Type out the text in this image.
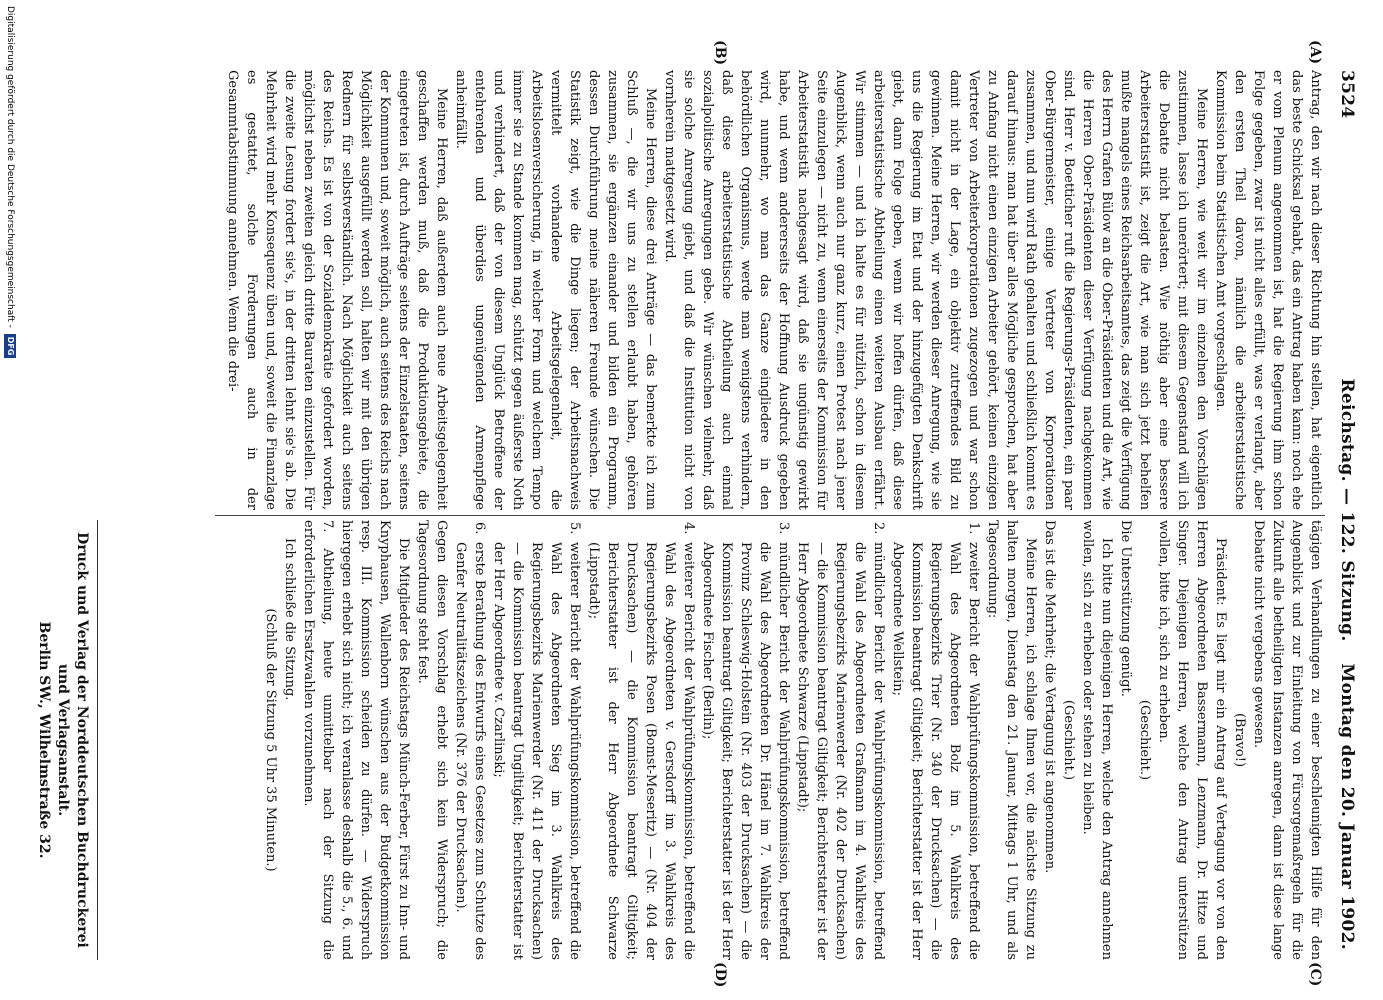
3524
Reichstag. — 122. Sitzung.
Montag den 20. Januar 1902.
(A)
(B)
(C)
(D)

Antrag, den wir nach dieser Richtung hin stellen, hat eigentlich das beste Schicksal gehabt, das ein Antrag haben kann: noch ehe er vom Plenum angenommen ist, hat die Regierung ihm schon Folge gegeben, zwar ist nicht alles erfüllt, was er verlangt, aber den ersten Theil davon, nämlich die arbeiterstatistische Kommission beim Statistischen Amt vorgeschlagen.

Meine Herren, wie weit wir im einzelnen den Vorschlägen zustimmen, lasse ich unerörtert; mit diesem Gegenstand will ich die Debatte nicht belasten. Wie nöthig aber eine bessere Arbeiterstatistik ist, zeigt die Art, wie man sich jetzt behelfen mußte mangels eines Reichsarbeitsamtes, das zeigt die Verfügung des Herrn Grafen Bülow an die Ober-Präsidenten und die Art, wie die Herren Ober-Präsidenten dieser Verfügung nachgekommen sind. Herr v. Boetticher ruft die Regierungs-Präsidenten, ein paar Ober-Bürgermeister, einige Vertreter von Korporationen zusammen, und nun wird Rath gehalten und schließlich kommt es darauf hinaus: man hat über alles Mögliche gesprochen, hat aber zu Anfang nicht einen einzigen Arbeiter gehört, keinen einzigen Vertreter von Arbeiterkorporationen zugezogen und war schon damit nicht in der Lage, ein objektiv zutreffendes Bild zu gewinnen. Meine Herren, wir werden dieser Anregung, wie sie uns die Regierung im Etat und der hinzugefügten Denkschrift giebt, dann Folge geben, wenn wir hoffen dürfen, daß diese arbeiterstatistische Abtheilung einen weiteren Ausbau erfährt. Wir stimmen — und ich halte es für nützlich, schon in diesem Augenblick, wenn auch nur ganz kurz, einen Protest nach jener Seite einzulegen — nicht zu, wenn einerseits der Kommission für Arbeiterstatistik nachgesagt wird, daß sie ungünstig gewirkt habe, und wenn andererseits der Hoffnung Ausdruck gegeben wird, nunmehr, wo man das Ganze eingliedere in den behördlichen Organismus, werde man wenigstens verhindern, daß diese arbeiterstatistische Abtheilung auch einmal sozialpolitische Anregungen gebe. Wir wünschen vielmehr, daß sie solche Anregung giebt, und daß die Institution nicht von vornherein mattgesetzt wird.

Meine Herren, diese drei Anträge — das bemerkte ich zum Schluß —, die wir uns zu stellen erlaubt haben, gehören zusammen, sie ergänzen einander und bilden ein Programm, dessen Durchführung meine näheren Freunde wünschen. Die Statistik zeigt, wie die Dinge liegen; der Arbeitsnachweis vermittelt vorhandene Arbeitsgelegenheit, die Arbeitslosenversicherung, in welcher Form und welchem Tempo immer sie zu Stande kommen mag, schützt gegen äußerste Noth und verhindert, daß der von diesem Unglück Betroffene der entehrenden und überdies ungenügenden Armenpflege anheimfällt.

Meine Herren, daß außerdem auch neue Arbeitsgelegenheit geschaffen werden muß, daß die Produktionsgebiete, die eingetreten ist, durch Aufträge seitens der Einzelstaaten, seitens der Kommunen und, soweit möglich, auch seitens des Reichs nach Möglichkeit ausgefüllt werden soll, halten wir mit den übrigen Rednern für selbstverständlich. Nach Möglichkeit auch seitens des Reichs. Es ist von der Sozialdemokratie gefordert worden, möglichst neben zweiten gleich dritte Bauraten einzustellen. Für die zweite Lesung fordert sie's, in der dritten lehnt sie's ab. Die Mehrheit wird mehr Konsequenz üben und, soweit die Finanzlage es gestattet, solche Forderungen auch in der Gesammtabstimmung annehmen. Wenn die drei-

tägigen Verhandlungen zu einer beschleunigten Hilfe für den Augenblick und zur Einleitung von Fürsorgemaßregeln für die Zukunft alle betheiligten Instanzen anregen, dann ist diese lange Debatte nicht vergebens gewesen.

(Bravo!)

Präsident: Es liegt mir ein Antrag auf Vertagung vor von den Herren Abgeordneten Bassermann, Lenzmann, Dr. Hitze und Singer. Diejenigen Herren, welche den Antrag unterstützen wollen, bitte ich, sich zu erheben.

(Geschieht.)

Die Unterstützung genügt.

Ich bitte nun diejenigen Herren, welche den Antrag annehmen wollen, sich zu erheben oder stehen zu bleiben.

(Geschieht.)

Das ist die Mehrheit; die Vertagung ist angenommen.

Meine Herren, ich schlage Ihnen vor, die nächste Sitzung zu halten morgen, Dienstag den 21. Januar, Mittags 1 Uhr, und als Tagesordnung:

1.
zweiter Bericht der Wahlprüfungskommission, betreffend die Wahl des Abgeordneten Bolz im 5. Wahlkreis des Regierungsbezirks Trier (Nr. 340 der Drucksachen) — die Kommission beantragt Giltigkeit; Berichterstatter ist der Herr Abgeordnete Wellstein;
2.
mündlicher Bericht der Wahlprüfungskommission, betreffend die Wahl des Abgeordneten Graßmann im 4. Wahlkreis des Regierungsbezirks Marienwerder (Nr. 402 der Drucksachen) — die Kommission beantragt Giltigkeit; Berichterstatter ist der Herr Abgeordnete Schwarze (Lippstadt);
3.
mündlicher Bericht der Wahlprüfungskommission, betreffend die Wahl des Abgeordneten Dr. Hänel im 7. Wahlkreis der Provinz Schleswig-Holstein (Nr. 403 der Drucksachen) — die Kommission beantragt Giltigkeit; Berichterstatter ist der Herr Abgeordnete Fischer (Berlin);
4.
weiterer Bericht der Wahlprüfungskommission, betreffend die Wahl des Abgeordneten v. Gersdorff im 3. Wahlkreis des Regierungsbezirks Posen (Bomst-Meseritz) — (Nr. 404 der Drucksachen) — die Kommission beantragt Giltigkeit; Berichterstatter ist der Herr Abgeordnete Schwarze (Lippstadt);
5.
weiterer Bericht der Wahlprüfungskommission, betreffend die Wahl des Abgeordneten Sieg im 3. Wahlkreis des Regierungsbezirks Marienwerder (Nr. 411 der Drucksachen) — die Kommission beantragt Ungiltigkeit; Berichterstatter ist der Herr Abgeordnete v. Czarlinski;
6.
erste Berathung des Entwurfs eines Gesetzes zum Schutze des Genfer Neutralitätszeichens (Nr. 376 der Drucksachen).

Gegen diesen Vorschlag erhebt sich kein Widerspruch; die Tagesordnung steht fest.

Die Mitglieder des Reichstags Münch-Ferber, Fürst zu Inn- und Knyphausen, Wallenborn wünschen aus der Budgetkommission resp. III. Kommission scheiden zu dürfen. — Widerspruch hiergegen erhebt sich nicht; ich veranlasse deshalb die 5., 6. und 7. Abtheilung, heute unmittelbar nach der Sitzung die erforderlichen Ersatzwahlen vorzunehmen.

Ich schließe die Sitzung.

(Schluß der Sitzung 5 Uhr 35 Minuten.)

Druck und Verlag der Norddeutschen Buchdruckerei und Verlagsanstalt.
Berlin SW., Wilhelmstraße 32.
Digitalisierung gefördert durch die Deutsche Forschungsgemeinschaft - DFG
